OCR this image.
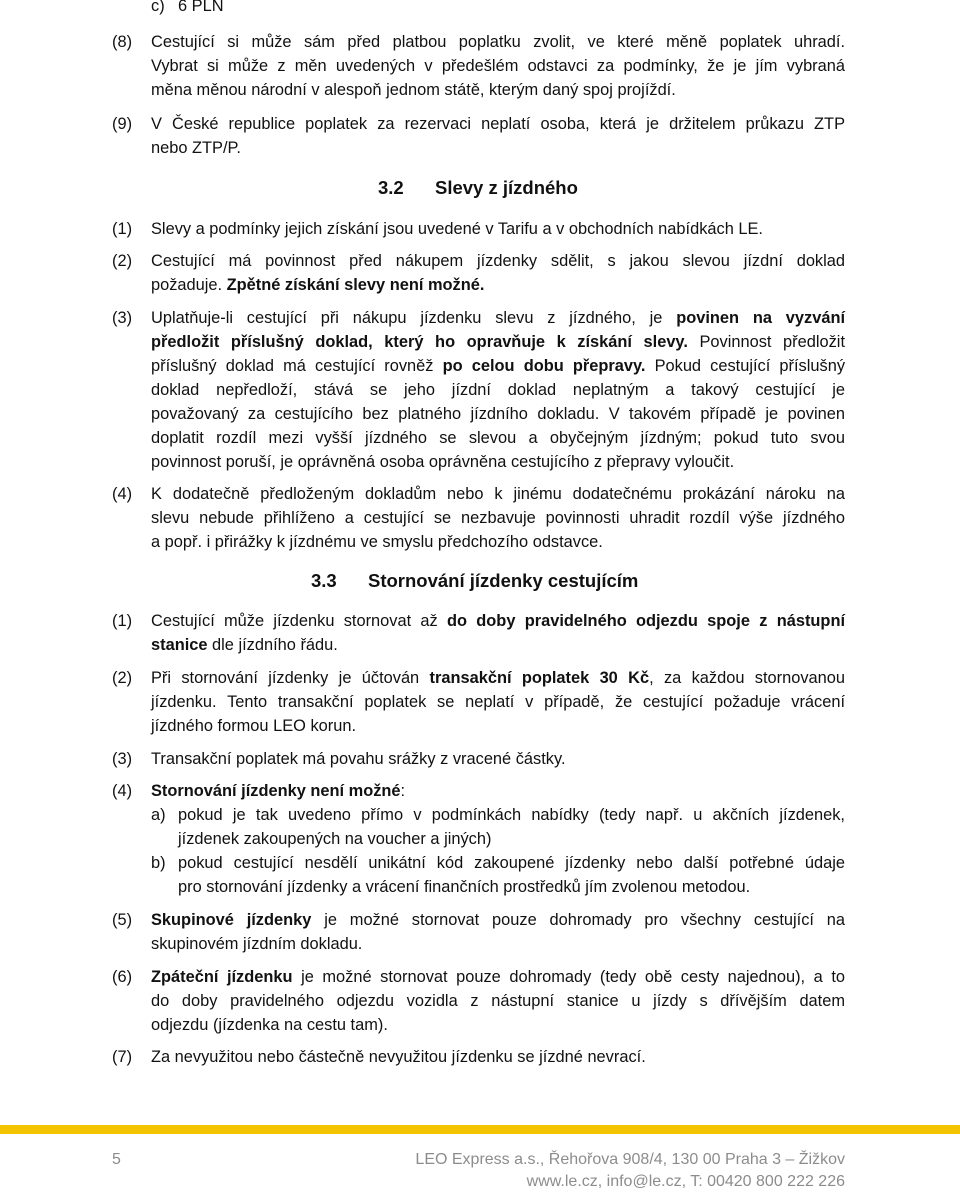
c) 6 PLN
(8) Cestující si může sám před platbou poplatku zvolit, ve které měně poplatek uhradí.
Vybrat si může z měn uvedených v předešlém odstavci za podmínky, že je jím vybraná
měna měnou národní v alespoň jednom státě, kterým daný spoj projíždí.
(9) V České republice poplatek za rezervaci neplatí osoba, která je držitelem průkazu ZTP
nebo ZTP/P.
3.2 Slevy z jízdného
(1) Slevy a podmínky jejich získání jsou uvedené v Tarifu a v obchodních nabídkách LE.
(2) Cestující má povinnost před nákupem jízdenky sdělit, s jakou slevou jízdní doklad
požaduje. Zpětné získání slevy není možné.
(3) Uplatňuje-li cestující při nákupu jízdenku slevu z jízdného, je povinen na vyzvání
předložit příslušný doklad, který ho opravňuje k získání slevy. Povinnost předložit
příslušný doklad má cestující rovněž po celou dobu přepravy. Pokud cestující příslušný
doklad nepředloží, stává se jeho jízdní doklad neplatným a takový cestující je
považovaný za cestujícího bez platného jízdního dokladu. V takovém případě je povinen
doplatit rozdíl mezi vyšší jízdného se slevou a obyčejným jízdným; pokud tuto svou
povinnost poruší, je oprávněná osoba oprávněna cestujícího z přepravy vyloučit.
(4) K dodatečně předloženým dokladům nebo k jinému dodatečnému prokázání nároku na
slevu nebude přihlíženo a cestující se nezbavuje povinnosti uhradit rozdíl výše jízdného
a popř. i přirážky k jízdnému ve smyslu předchozího odstavce.
3.3 Stornování jízdenky cestujícím
(1) Cestující může jízdenku stornovat až do doby pravidelného odjezdu spoje z nástupní
stanice dle jízdního řádu.
(2) Při stornování jízdenky je účtován transakční poplatek 30 Kč, za každou stornovanou
jízdenku. Tento transakční poplatek se neplatí v případě, že cestující požaduje vrácení
jízdného formou LEO korun.
(3) Transakční poplatek má povahu srážky z vracené částky.
(4) Stornování jízdenky není možné:
a) pokud je tak uvedeno přímo v podmínkách nabídky (tedy např. u akčních jízdenek,
jízdenek zakoupených na voucher a jiných)
b) pokud cestující nesdělí unikátní kód zakoupené jízdenky nebo další potřebné údaje
pro stornování jízdenky a vrácení finančních prostředků jím zvolenou metodou.
(5) Skupinové jízdenky je možné stornovat pouze dohromady pro všechny cestující na
skupinovém jízdním dokladu.
(6) Zpáteční jízdenku je možné stornovat pouze dohromady (tedy obě cesty najednou), a to
do doby pravidelného odjezdu vozidla z nástupní stanice u jízdy s dřívějším datem
odjezdu (jízdenka na cestu tam).
(7) Za nevyužitou nebo částečně nevyužitou jízdenku se jízdné nevrací.
5	LEO Express a.s., Řehořova 908/4, 130 00 Praha 3 – Žižkov
www.le.cz, info@le.cz, T: 00420 800 222 226
